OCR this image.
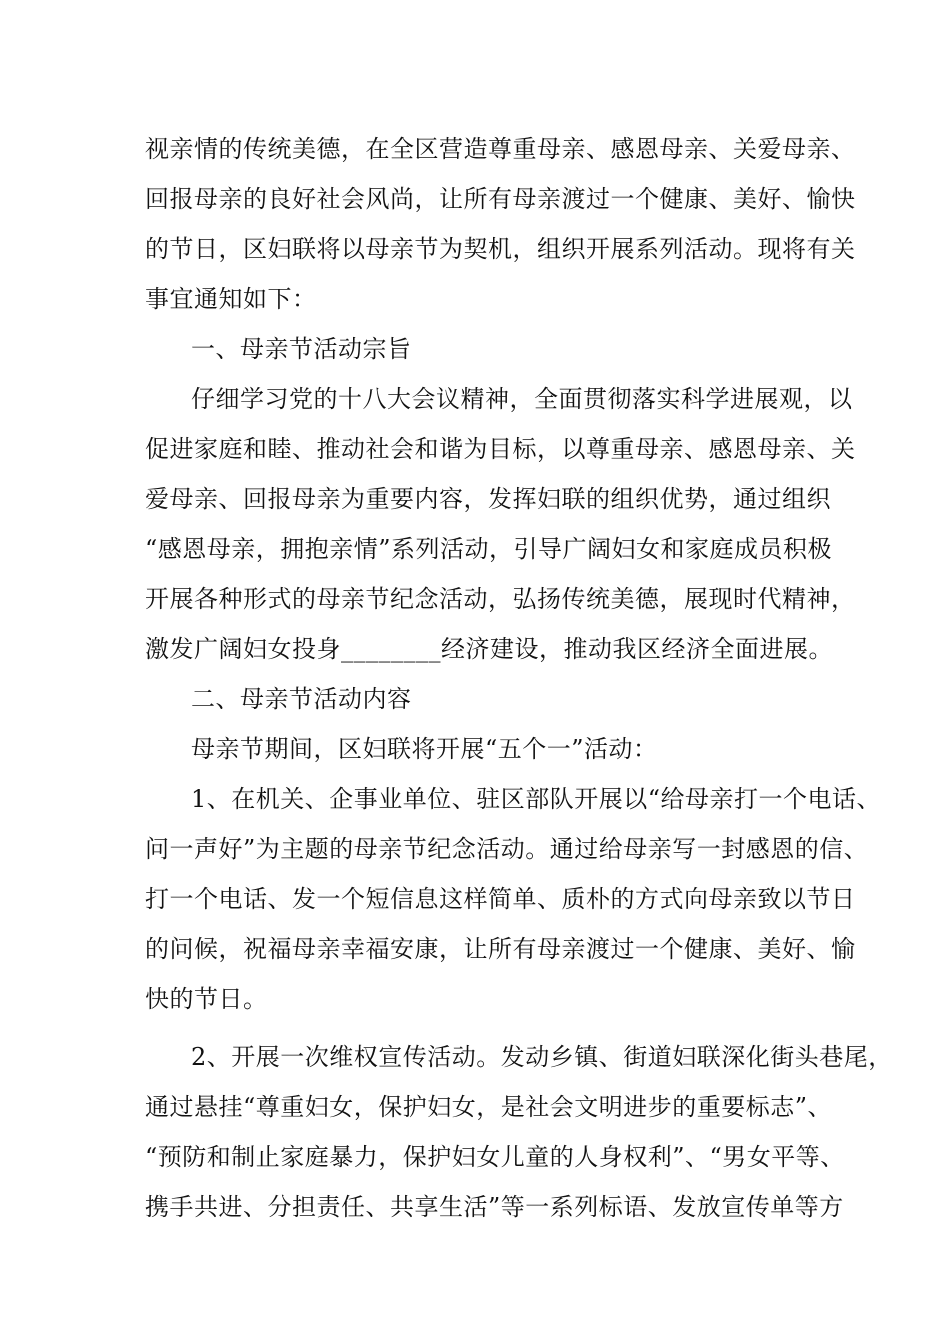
视亲情的传统美德，在全区营造尊重母亲、感恩母亲、关爱母亲、
回报母亲的良好社会风尚，让所有母亲渡过一个健康、美好、愉快
的节日，区妇联将以母亲节为契机，组织开展系列活动。现将有关
事宜通知如下：
一、母亲节活动宗旨
仔细学习党的十八大会议精神，全面贯彻落实科学进展观，以
促进家庭和睦、推动社会和谐为目标，以尊重母亲、感恩母亲、关
爱母亲、回报母亲为重要内容，发挥妇联的组织优势，通过组织
“感恩母亲，拥抱亲情”系列活动，引导广阔妇女和家庭成员积极
开展各种形式的母亲节纪念活动，弘扬传统美德，展现时代精神，
激发广阔妇女投身________经济建设，推动我区经济全面进展。
二、母亲节活动内容
母亲节期间，区妇联将开展“五个一”活动：
1、在机关、企事业单位、驻区部队开展以“给母亲打一个电话、
问一声好”为主题的母亲节纪念活动。通过给母亲写一封感恩的信、
打一个电话、发一个短信息这样简单、质朴的方式向母亲致以节日
的问候，祝福母亲幸福安康，让所有母亲渡过一个健康、美好、愉
快的节日。
2、开展一次维权宣传活动。发动乡镇、街道妇联深化街头巷尾，
通过悬挂“尊重妇女，保护妇女，是社会文明进步的重要标志”、
“预防和制止家庭暴力，保护妇女儿童的人身权利”、“男女平等、
携手共进、分担责任、共享生活”等一系列标语、发放宣传单等方
